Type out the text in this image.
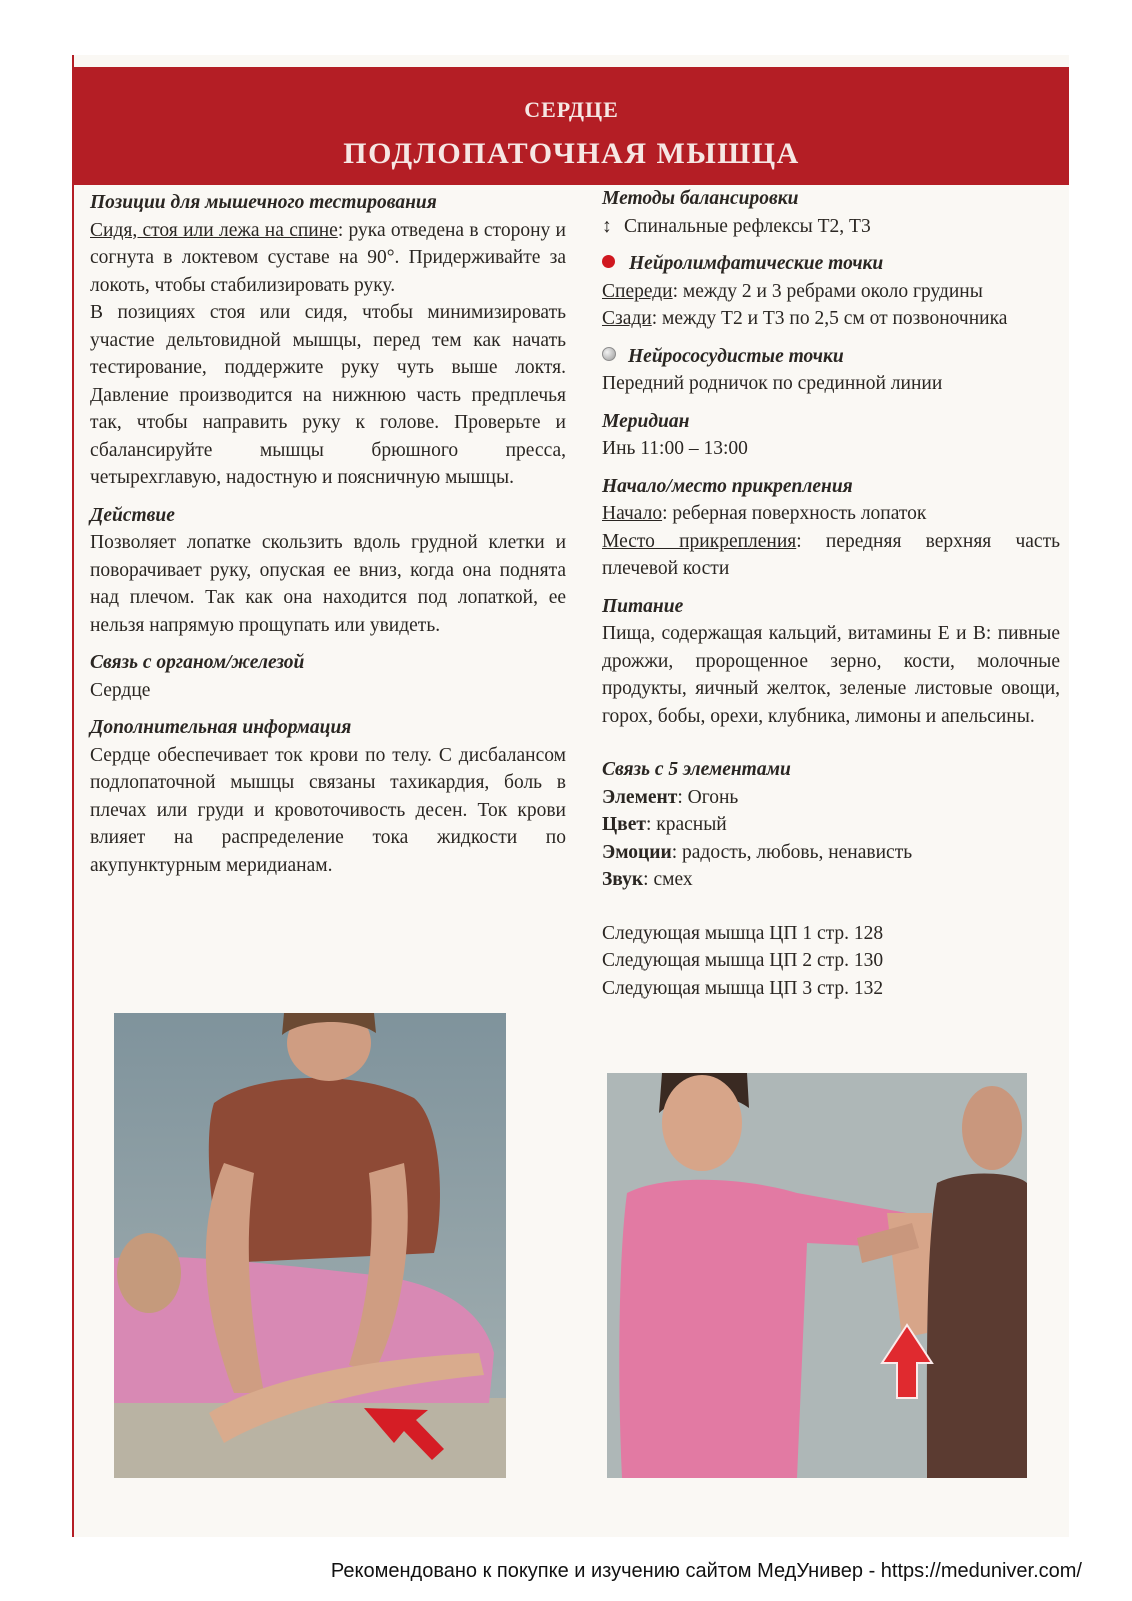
СЕРДЦЕ
ПОДЛОПАТОЧНАЯ МЫШЦА

Позиции для мышечного тестирования

Сидя, стоя или лежа на спине: рука отведена в сторону и согнута в локтевом суставе на 90°. Придерживайте за локоть, чтобы стабилизировать руку.

В позициях стоя или сидя, чтобы минимизировать участие дельтовидной мышцы, перед тем как начать тестирование, поддержите руку чуть выше локтя. Давление производится на нижнюю часть предплечья так, чтобы направить руку к голове. Проверьте и сбалансируйте мышцы брюшного пресса, четырехглавую, надостную и поясничную мышцы.

Действие

Позволяет лопатке скользить вдоль грудной клетки и поворачивает руку, опуская ее вниз, когда она поднята над плечом. Так как она находится под лопаткой, ее нельзя напрямую прощупать или увидеть.

Связь с органом/железой

Сердце

Дополнительная информация

Сердце обеспечивает ток крови по телу. С дисбалансом подлопаточной мышцы связаны тахикардия, боль в плечах или груди и кровоточивость десен. Ток крови влияет на распределение тока жидкости по акупунктурным меридианам.

Методы балансировки

↕ Спинальные рефлексы Т2, Т3

Нейролимфатические точки

Спереди: между 2 и 3 ребрами около грудины

Сзади: между Т2 и Т3 по 2,5 см от позвоночника

Нейрососудистые точки

Передний родничок по срединной линии

Меридиан

Инь 11:00 – 13:00

Начало/место прикрепления

Начало: реберная поверхность лопаток

Место прикрепления: передняя верхняя часть плечевой кости

Питание

Пища, содержащая кальций, витамины Е и В: пивные дрожжи, пророщенное зерно, кости, молочные продукты, яичный желток, зеленые листовые овощи, горох, бобы, орехи, клубника, лимоны и апельсины.

Связь с 5 элементами

Элемент: Огонь

Цвет: красный

Эмоции: радость, любовь, ненависть

Звук: смех

Следующая мышца ЦП 1 стр. 128

Следующая мышца ЦП 2 стр. 130

Следующая мышца ЦП 3 стр. 132

Рекомендовано к покупке и изучению сайтом МедУнивер - https://meduniver.com/
